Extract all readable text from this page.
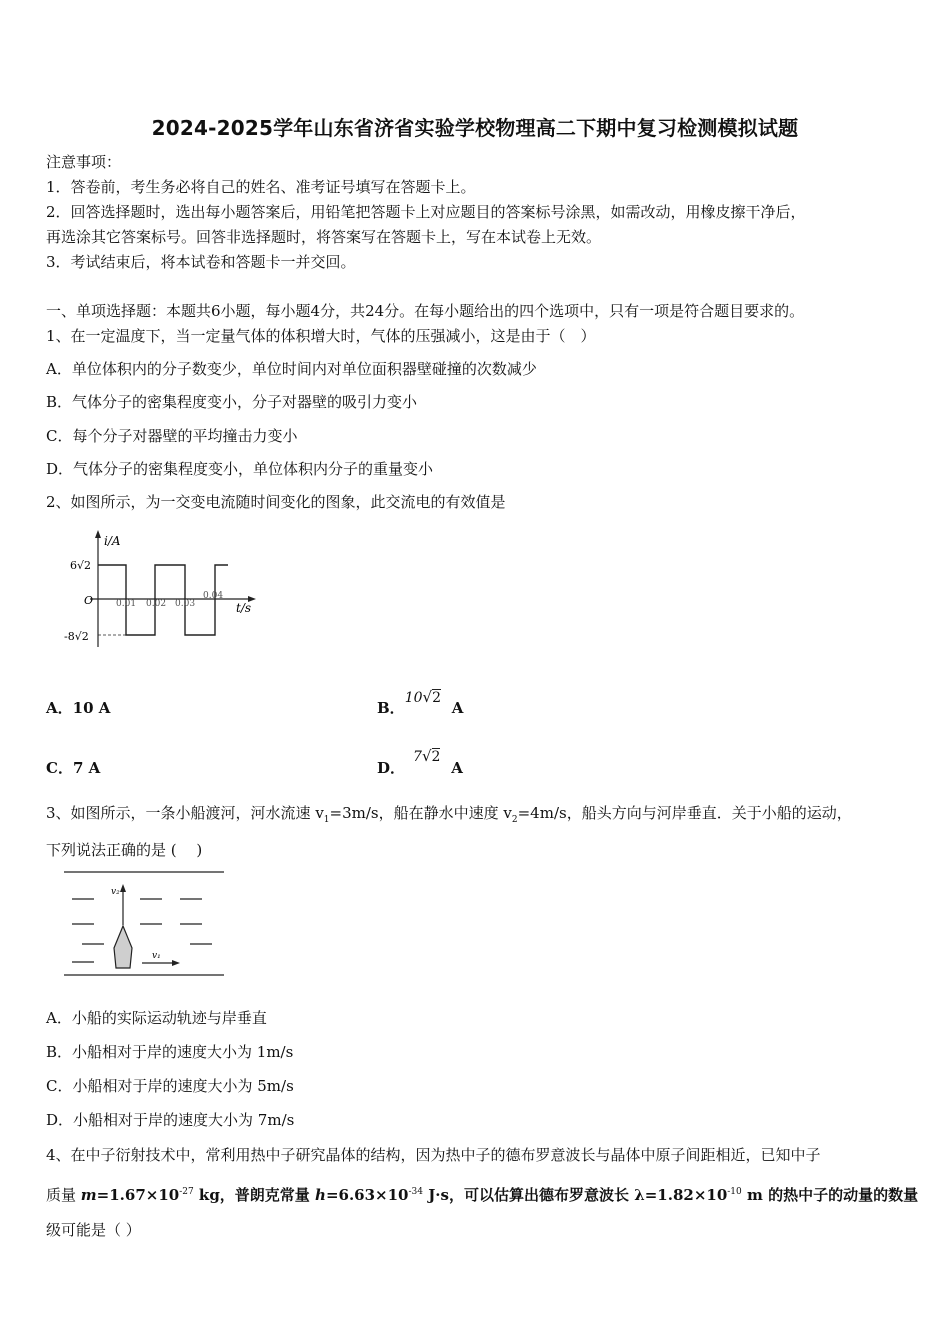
2024-2025学年山东省济省实验学校物理高二下期中复习检测模拟试题
注意事项：
1．答卷前，考生务必将自己的姓名、准考证号填写在答题卡上。
2．回答选择题时，选出每小题答案后，用铅笔把答题卡上对应题目的答案标号涂黑，如需改动，用橡皮擦干净后，
再选涂其它答案标号。回答非选择题时，将答案写在答题卡上，写在本试卷上无效。
3．考试结束后，将本试卷和答题卡一并交回。
一、单项选择题：本题共6小题，每小题4分，共24分。在每小题给出的四个选项中，只有一项是符合题目要求的。
1、在一定温度下，当一定量气体的体积增大时，气体的压强减小，这是由于（　）
A．单位体积内的分子数变少，单位时间内对单位面积器壁碰撞的次数减少
B．气体分子的密集程度变小，分子对器壁的吸引力变小
C．每个分子对器壁的平均撞击力变小
D．气体分子的密集程度变小，单位体积内分子的重量变小
2、如图所示，为一交变电流随时间变化的图象，此交流电的有效值是
i/A
t/s
O
6√2
-8√2
0.01 0.02 0.03
0.04
A．10 A	B．10√2 A
C．7 A	D．7√2 A
3、如图所示，一条小船渡河，河水流速 $v_1=3m/s$，船在静水中速度 $v_2=4m/s$，船头方向与河岸垂直．关于小船的运动，
下列说法正确的是 (　 )
v₂
v₁
A．小船的实际运动轨迹与岸垂直
B．小船相对于岸的速度大小为 1m/s
C．小船相对于岸的速度大小为 5m/s
D．小船相对于岸的速度大小为 7m/s
4、在中子衍射技术中，常利用热中子研究晶体的结构，因为热中子的德布罗意波长与晶体中原子间距相近，已知中子
质量 $m=1.67\times 10^{-27}$ kg，普朗克常量 $h=6.63\times 10^{-34}$ J·s，可以估算出德布罗意波长 $\lambda=1.82\times 10^{-10}$ m 的热中子的动量的数量
级可能是（ ）
